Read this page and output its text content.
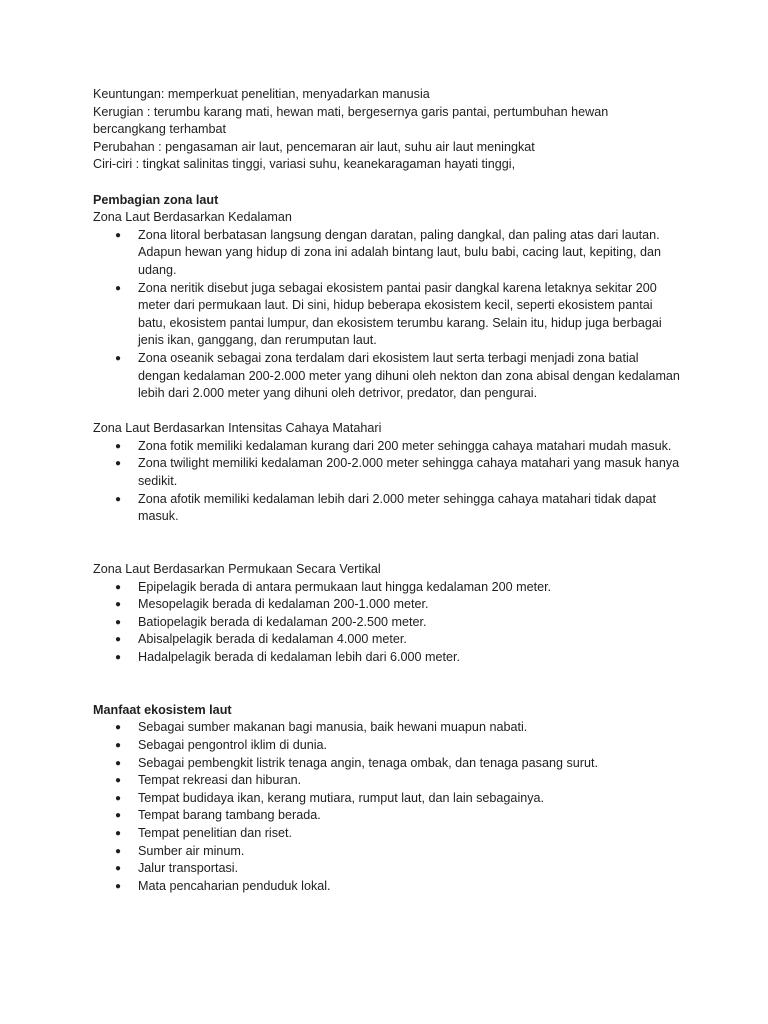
Keuntungan: memperkuat penelitian, menyadarkan manusia

Kerugian : terumbu karang mati, hewan mati, bergesernya garis pantai, pertumbuhan hewan bercangkang terhambat

Perubahan : pengasaman air laut, pencemaran air laut, suhu air laut meningkat

Ciri-ciri : tingkat salinitas tinggi, variasi suhu, keanekaragaman hayati tinggi,

Pembagian zona laut

Zona Laut Berdasarkan Kedalaman

● Zona litoral berbatasan langsung dengan daratan, paling dangkal, dan paling atas dari lautan. Adapun hewan yang hidup di zona ini adalah bintang laut, bulu babi, cacing laut, kepiting, dan udang.
● Zona neritik disebut juga sebagai ekosistem pantai pasir dangkal karena letaknya sekitar 200 meter dari permukaan laut. Di sini, hidup beberapa ekosistem kecil, seperti ekosistem pantai batu, ekosistem pantai lumpur, dan ekosistem terumbu karang. Selain itu, hidup juga berbagai jenis ikan, ganggang, dan rerumputan laut.
● Zona oseanik sebagai zona terdalam dari ekosistem laut serta terbagi menjadi zona batial dengan kedalaman 200-2.000 meter yang dihuni oleh nekton dan zona abisal dengan kedalaman lebih dari 2.000 meter yang dihuni oleh detrivor, predator, dan pengurai.

Zona Laut Berdasarkan Intensitas Cahaya Matahari

● Zona fotik memiliki kedalaman kurang dari 200 meter sehingga cahaya matahari mudah masuk.
● Zona twilight memiliki kedalaman 200-2.000 meter sehingga cahaya matahari yang masuk hanya sedikit.
● Zona afotik memiliki kedalaman lebih dari 2.000 meter sehingga cahaya matahari tidak dapat masuk.

Zona Laut Berdasarkan Permukaan Secara Vertikal

● Epipelagik berada di antara permukaan laut hingga kedalaman 200 meter.
● Mesopelagik berada di kedalaman 200-1.000 meter.
● Batiopelagik berada di kedalaman 200-2.500 meter.
● Abisalpelagik berada di kedalaman 4.000 meter.
● Hadalpelagik berada di kedalaman lebih dari 6.000 meter.

Manfaat ekosistem laut

● Sebagai sumber makanan bagi manusia, baik hewani muapun nabati.
● Sebagai pengontrol iklim di dunia.
● Sebagai pembengkit listrik tenaga angin, tenaga ombak, dan tenaga pasang surut.
● Tempat rekreasi dan hiburan.
● Tempat budidaya ikan, kerang mutiara, rumput laut, dan lain sebagainya.
● Tempat barang tambang berada.
● Tempat penelitian dan riset.
● Sumber air minum.
● Jalur transportasi.
● Mata pencaharian penduduk lokal.
